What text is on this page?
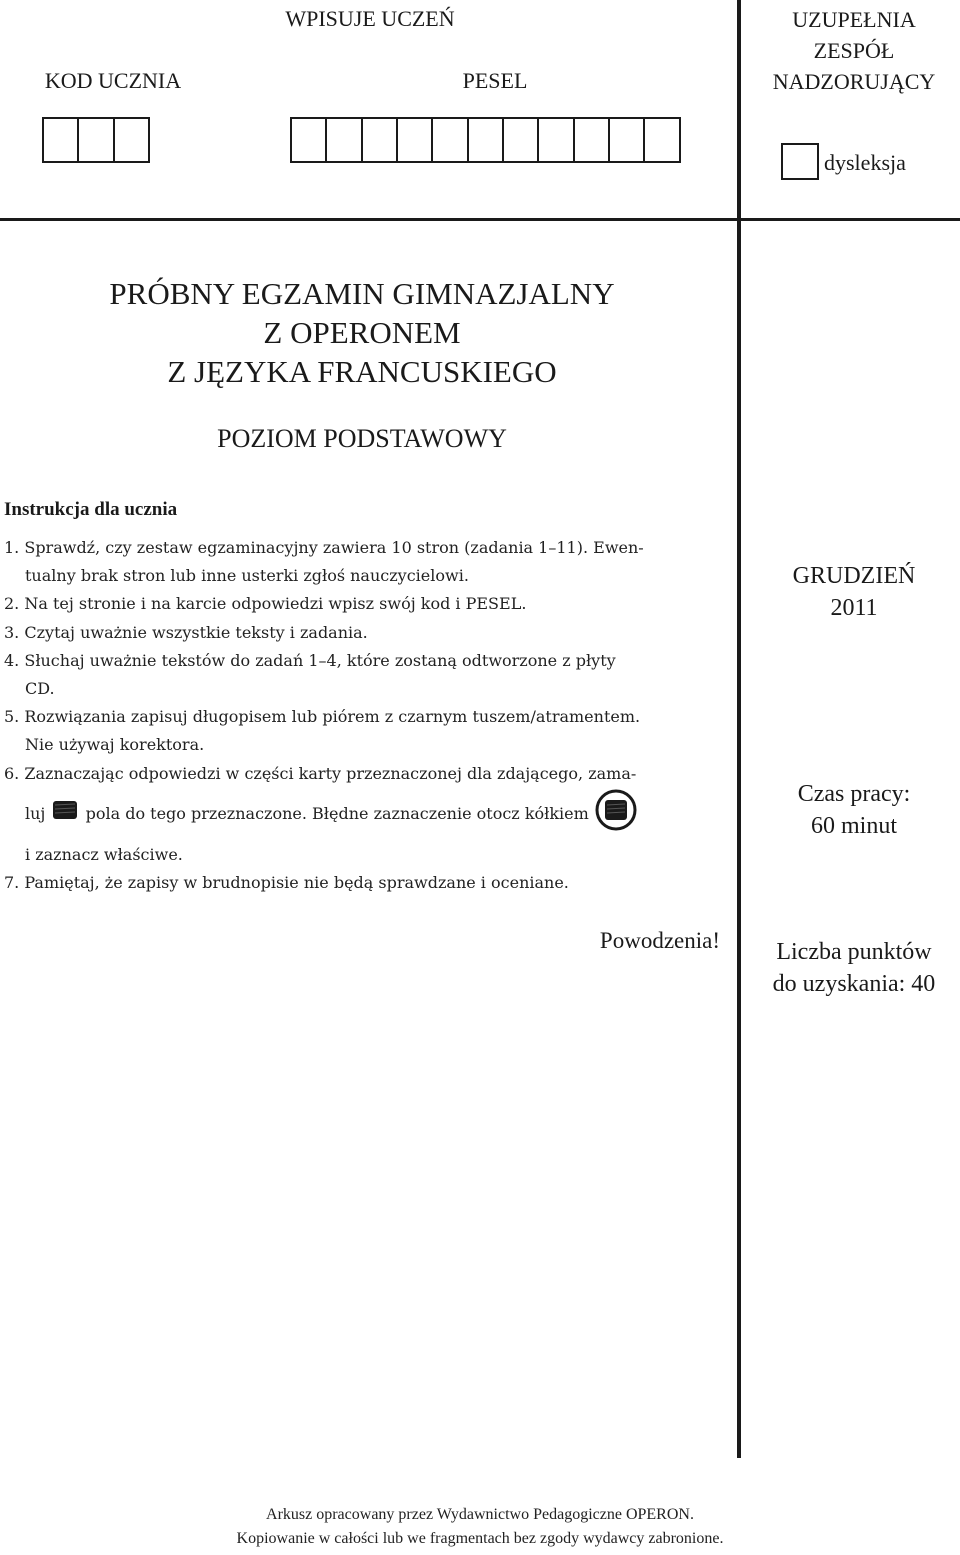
WPISUJE UCZEŃ
KOD UCZNIA	PESEL
UZUPEŁNIA
ZESPÓŁ
NADZORUJĄCY
dysleksja
PRÓBNY EGZAMIN GIMNAZJALNY
Z OPERONEM
Z JĘZYKA FRANCUSKIEGO
POZIOM PODSTAWOWY
Instrukcja dla ucznia
1. Sprawdź, czy zestaw egzaminacyjny zawiera 10 stron (zadania 1–11). Ewen-
tualny brak stron lub inne usterki zgłoś nauczycielowi.
2. Na tej stronie i na karcie odpowiedzi wpisz swój kod i PESEL.
3. Czytaj uważnie wszystkie teksty i zadania.
4. Słuchaj uważnie tekstów do zadań 1–4, które zostaną odtworzone z płyty
CD.
5. Rozwiązania zapisuj długopisem lub piórem z czarnym tuszem/atramentem.
Nie używaj korektora.
6. Zaznaczając odpowiedzi w części karty przeznaczonej dla zdającego, zama-
luj	pola do tego przeznaczone. Błędne zaznaczenie otocz kółkiem
i zaznacz właściwe.
7. Pamiętaj, że zapisy w brudnopisie nie będą sprawdzane i oceniane.
GRUDZIEŃ
2011
Czas pracy:
60 minut
Liczba punktów
do uzyskania: 40
Powodzenia!
Arkusz opracowany przez Wydawnictwo Pedagogiczne OPERON.
Kopiowanie w całości lub we fragmentach bez zgody wydawcy zabronione.
